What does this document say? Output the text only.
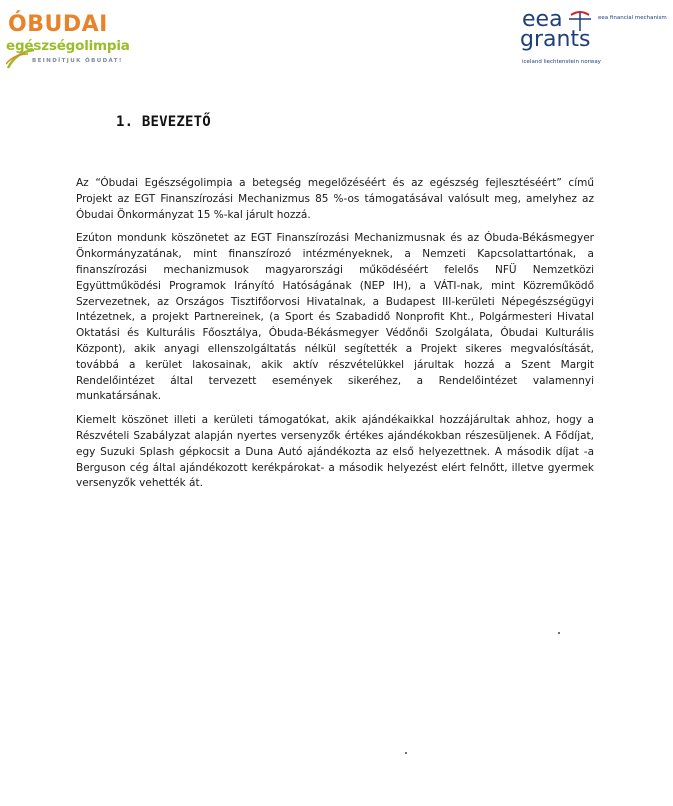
ÓBUDAI
egészségolimpia
BEINDÍTJUK ÓBUDÁT!
eea	eea financial mechanism
grants
iceland liechtenstein norway
1. BEVEZETŐ

Az “Óbudai Egészségolimpia a betegség megelőzéséért és az egészség fejlesztéséért” című Projekt az EGT Finanszírozási Mechanizmus 85 %-os támogatásával valósult meg, amelyhez az Óbudai Önkormányzat 15 %-kal járult hozzá.

Ezúton mondunk köszönetet az EGT Finanszírozási Mechanizmusnak és az Óbuda-Békásmegyer Önkormányzatának, mint finanszírozó intézményeknek, a Nemzeti Kapcsolattartónak, a finanszírozási mechanizmusok magyarországi működéséért felelős NFÜ Nemzetközi Együttműködési Programok Irányító Hatóságának (NEP IH), a VÁTI-nak, mint Közreműködő Szervezetnek, az Országos Tisztifőorvosi Hivatalnak, a Budapest III-kerületi Népegészségügyi Intézetnek, a projekt Partnereinek, (a Sport és Szabadidő Nonprofit Kht., Polgármesteri Hivatal Oktatási és Kulturális Főosztálya, Óbuda-Békásmegyer Védőnői Szolgálata, Óbudai Kulturális Központ), akik anyagi ellenszolgáltatás nélkül segítették a Projekt sikeres megvalósítását, továbbá a kerület lakosainak, akik aktív részvételükkel járultak hozzá a Szent Margit Rendelőintézet által tervezett események sikeréhez, a Rendelőintézet valamennyi munkatársának.

Kiemelt köszönet illeti a kerületi támogatókat, akik ajándékaikkal hozzájárultak ahhoz, hogy a Részvételi Szabályzat alapján nyertes versenyzők értékes ajándékokban részesüljenek. A Fődíjat, egy Suzuki Splash gépkocsit a Duna Autó ajándékozta az első helyezettnek. A második díjat -a Berguson cég által ajándékozott kerékpárokat- a második helyezést elért felnőtt, illetve gyermek versenyzők vehették át.
